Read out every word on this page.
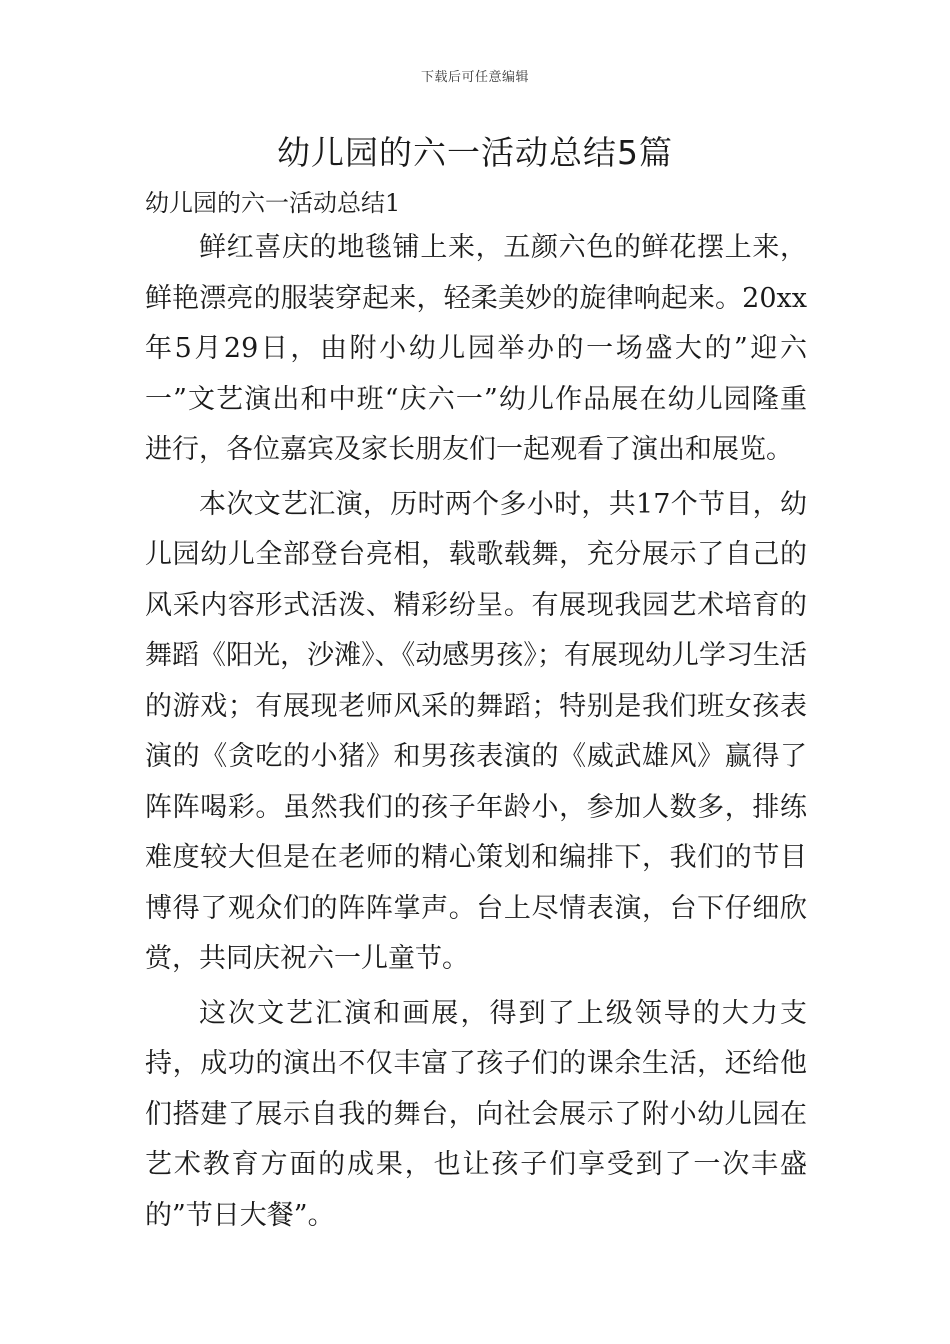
下载后可任意编辑
幼儿园的六一活动总结5篇
幼儿园的六一活动总结1

鲜红喜庆的地毯铺上来，五颜六色的鲜花摆上来，鲜艳漂亮的服装穿起来，轻柔美妙的旋律响起来。20xx年5月29日，由附小幼儿园举办的一场盛大的”迎六一”文艺演出和中班“庆六一”幼儿作品展在幼儿园隆重进行，各位嘉宾及家长朋友们一起观看了演出和展览。

本次文艺汇演，历时两个多小时，共17个节目，幼儿园幼儿全部登台亮相，载歌载舞，充分展示了自己的风采内容形式活泼、精彩纷呈。有展现我园艺术培育的舞蹈《阳光，沙滩》、《动感男孩》；有展现幼儿学习生活的游戏；有展现老师风采的舞蹈；特别是我们班女孩表演的《贪吃的小猪》和男孩表演的《威武雄风》赢得了阵阵喝彩。虽然我们的孩子年龄小，参加人数多，排练难度较大但是在老师的精心策划和编排下，我们的节目博得了观众们的阵阵掌声。台上尽情表演，台下仔细欣赏，共同庆祝六一儿童节。

这次文艺汇演和画展，得到了上级领导的大力支持，成功的演出不仅丰富了孩子们的课余生活，还给他们搭建了展示自我的舞台，向社会展示了附小幼儿园在艺术教育方面的成果，也让孩子们享受到了一次丰盛的”节日大餐”。
